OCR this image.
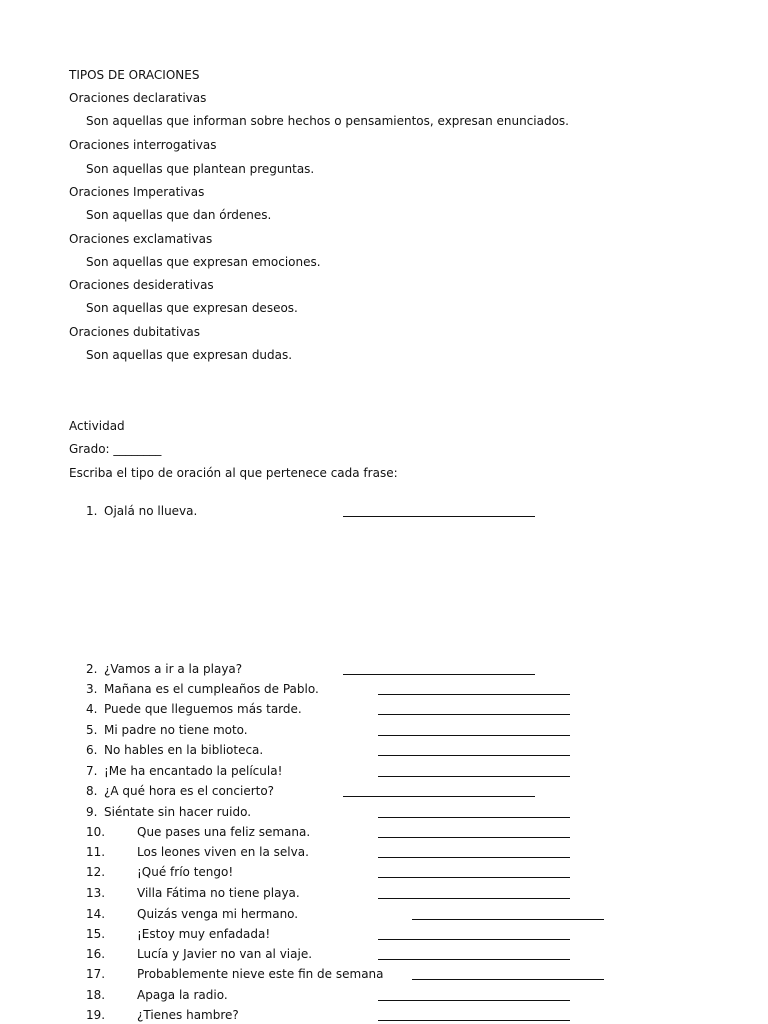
TIPOS DE ORACIONES
Oraciones declarativas
Son aquellas que informan sobre hechos o pensamientos, expresan enunciados.
Oraciones interrogativas
Son aquellas que plantean preguntas.
Oraciones Imperativas
Son aquellas que dan órdenes.
Oraciones exclamativas
Son aquellas que expresan emociones.
Oraciones desiderativas
Son aquellas que expresan deseos.
Oraciones dubitativas
Son aquellas que expresan dudas.
Actividad
Grado: ________
Escriba el tipo de oración al que pertenece cada frase:
1. Ojalá no llueva.
2. ¿Vamos a ir a la playa?
3. Mañana es el cumpleaños de Pablo.
4. Puede que lleguemos más tarde.
5. Mi padre no tiene moto.
6. No hables en la biblioteca.
7. ¡Me ha encantado la película!
8. ¿A qué hora es el concierto?
9. Siéntate sin hacer ruido.
10.	Que pases una feliz semana.
11.	Los leones viven en la selva.
12.	¡Qué frío tengo!
13.	Villa Fátima no tiene playa.
14.	Quizás venga mi hermano.
15.	¡Estoy muy enfadada!
16.	Lucía y Javier no van al viaje.
17.	Probablemente nieve este fin de semana
18.	Apaga la radio.
19.	¿Tienes hambre?
